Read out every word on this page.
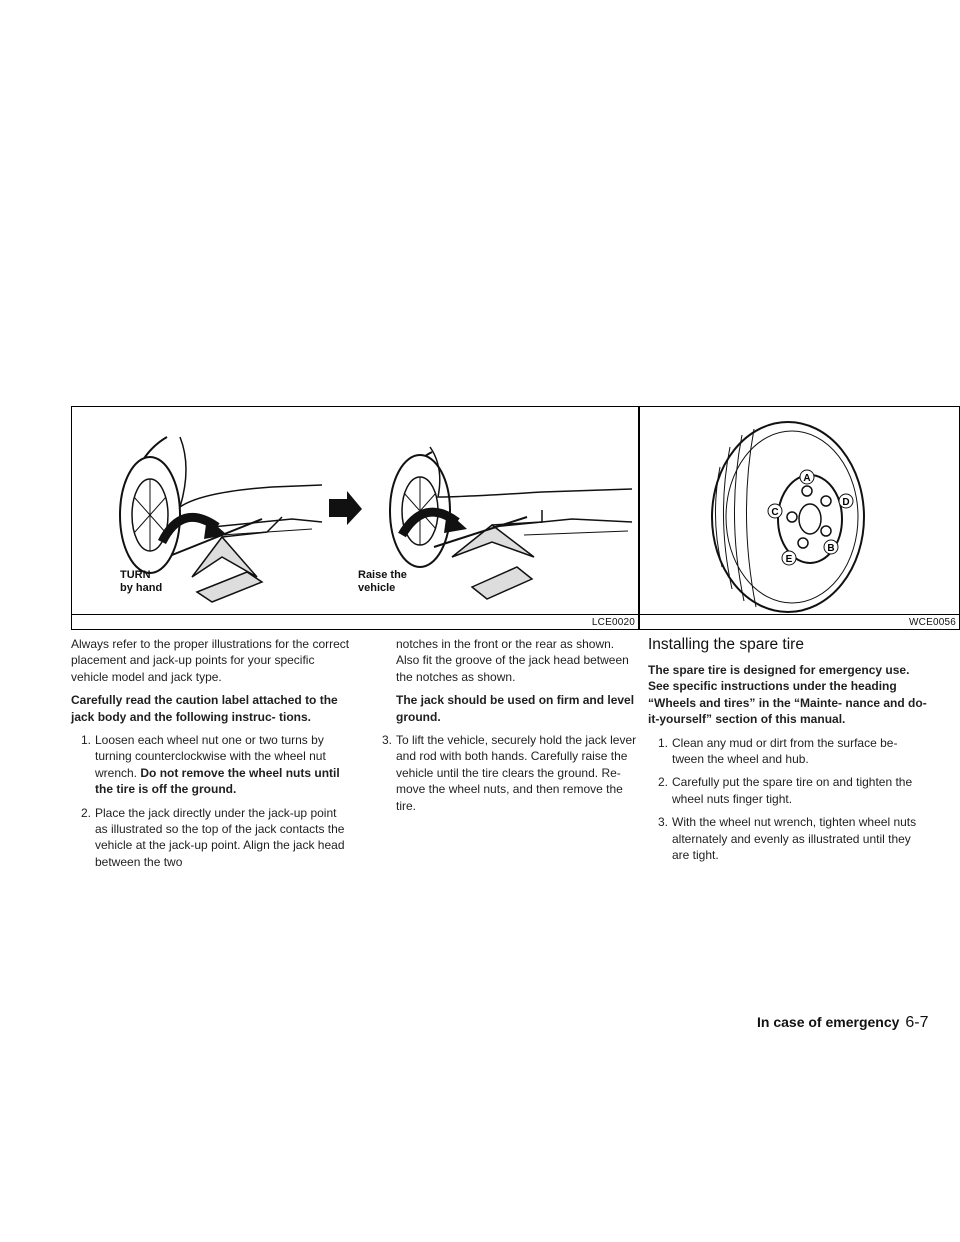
TURN
by hand
Raise the
vehicle
LCE0020
A
B
C
D
E
WCE0056

Always refer to the proper illustrations for the correct placement and jack-up points for your specific vehicle model and jack type.

Carefully read the caution label attached to the jack body and the following instruc- tions.

1. Loosen each wheel nut one or two turns by turning counterclockwise with the wheel nut wrench. Do not remove the wheel nuts until the tire is off the ground.
2. Place the jack directly under the jack-up point as illustrated so the top of the jack contacts the vehicle at the jack-up point. Align the jack head between the two

notches in the front or the rear as shown. Also fit the groove of the jack head between the notches as shown.

The jack should be used on firm and level ground.

3. To lift the vehicle, securely hold the jack lever and rod with both hands. Carefully raise the vehicle until the tire clears the ground. Re- move the wheel nuts, and then remove the tire.
Installing the spare tire

The spare tire is designed for emergency use. See specific instructions under the heading “Wheels and tires” in the “Mainte- nance and do-it-yourself” section of this manual.

1. Clean any mud or dirt from the surface be- tween the wheel and hub.
2. Carefully put the spare tire on and tighten the wheel nuts finger tight.
3. With the wheel nut wrench, tighten wheel nuts alternately and evenly as illustrated until they are tight.
In case of emergency 6-7
